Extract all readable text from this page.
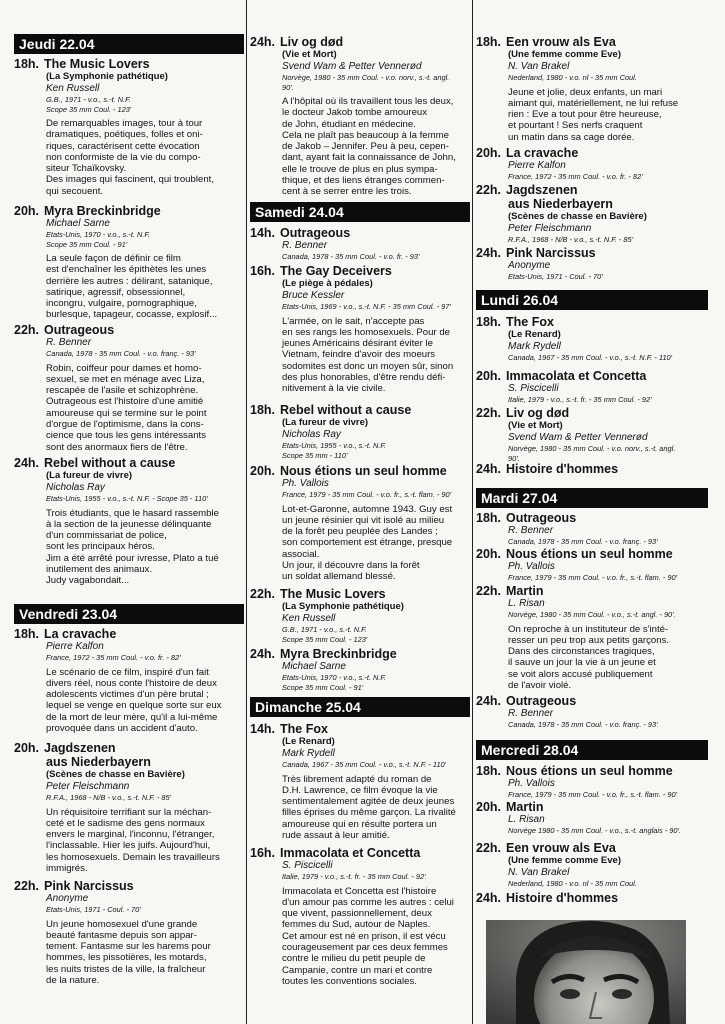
Jeudi 22.04
18h. The Music Lovers
(La Symphonie pathétique)
Ken Russell
G.B., 1971 - v.o., s.-t. N.F.
Scope 35 mm Coul. - 123'
De remarquables images, tour à tour
dramatiques, poétiques, folles et oni-
riques, caractérisent cette évocation
non conformiste de la vie du compo-
siteur Tchaïkovsky.
Des images qui fascinent, qui troublent,
qui secouent.
20h. Myra Breckinbridge
Michael Sarne
Etats-Unis, 1970 - v.o., s.-t. N.F.
Scope 35 mm Coul. - 91'
La seule façon de définir ce film
est d'enchaîner les épithètes les unes
derrière les autres : délirant, satanique,
satirique, agressif, obsessionnel,
incongru, vulgaire, pornographique,
burlesque, tapageur, cocasse, explosif...
22h. Outrageous
R. Benner
Canada, 1978 - 35 mm Coul. - v.o. franç. - 93'
Robin, coiffeur pour dames et homo-
sexuel, se met en ménage avec Liza,
rescapée de l'asile et schizophrène.
Outrageous est l'histoire d'une amitié
amoureuse qui se termine sur le point
d'orgue de l'optimisme, dans la cons-
cience que tous les gens intéressants
sont des anormaux fiers de l'être.
24h. Rebel without a cause
(La fureur de vivre)
Nicholas Ray
Etats-Unis, 1955 - v.o., s.-t. N.F. - Scope 35 - 110'
Trois étudiants, que le hasard rassemble
à la section de la jeunesse délinquante
d'un commissariat de police,
sont les principaux héros.
Jim a été arrêté pour ivresse, Plato a tué
inutilement des animaux.
Judy vagabondait...
Vendredi 23.04
18h. La cravache
Pierre Kalfon
France, 1972 - 35 mm Coul. - v.o. fr. - 82'
Le scénario de ce film, inspiré d'un fait
divers réel, nous conte l'histoire de deux
adolescents victimes d'un père brutal ;
lequel se venge en quelque sorte sur eux
de la mort de leur mère, qu'il a lui-même
provoquée dans un accident d'auto.
20h. Jagdszenen
aus Niederbayern
(Scènes de chasse en Bavière)
Peter Fleischmann
R.F.A., 1968 - N/B - v.o., s.-t. N.F. - 85'
Un réquisitoire terrifiant sur la méchan-
ceté et le sadisme des gens normaux
envers le marginal, l'inconnu, l'étranger,
l'inclassable. Hier les juifs. Aujourd'hui,
les homosexuels. Demain les travailleurs
immigrés.
22h. Pink Narcissus
Anonyme
Etats-Unis, 1971 - Coul. - 70'
Un jeune homosexuel d'une grande
beauté fantasme depuis son appar-
tement. Fantasme sur les harems pour
hommes, les pissotières, les motards,
les nuits tristes de la ville, la fraîcheur
de la nature.
24h. Liv og død
(Vie et Mort)
Svend Wam & Petter Vennerød
Norvège, 1980 - 35 mm Coul. - v.o. norv., s.-t. angl.
90'.
A l'hôpital où ils travaillent tous les deux,
le docteur Jakob tombe amoureux
de John, étudiant en médecine.
Cela ne plaît pas beaucoup à la femme
de Jakob – Jennifer. Peu à peu, cepen-
dant, ayant fait la connaissance de John,
elle le trouve de plus en plus sympa-
thique, et des liens étranges commen-
cent à se serrer entre les trois.
Samedi 24.04
14h. Outrageous
R. Benner
Canada, 1978 - 35 mm Coul. - v.o. fr. - 93'
16h. The Gay Deceivers
(Le piège à pédales)
Bruce Kessler
Etats-Unis, 1969 - v.o., s.-t. N.F. - 35 mm Coul. - 97'
L'armée, on le sait, n'accepte pas
en ses rangs les homosexuels. Pour de
jeunes Américains désirant éviter le
Vietnam, feindre d'avoir des moeurs
sodomites est donc un moyen sûr, sinon
des plus honorables, d'être rendu défi-
nitivement à la vie civile.
18h. Rebel without a cause
(La fureur de vivre)
Nicholas Ray
Etats-Unis, 1955 - v.o., s.-t. N.F.
Scope 35 mm - 110'
20h. Nous étions un seul homme
Ph. Vallois
France, 1979 - 35 mm Coul. - v.o. fr., s.-t. flam. - 90'
Lot-et-Garonne, automne 1943. Guy est
un jeune résinier qui vit isolé au milieu
de la forêt peu peuplée des Landes ;
son comportement est étrange, presque
associal.
Un jour, il découvre dans la forêt
un soldat allemand blessé.
22h. The Music Lovers
(La Symphonie pathétique)
Ken Russell
G.B., 1971 - v.o., s.-t. N.F.
Scope 35 mm Coul. - 123'
24h. Myra Breckinbridge
Michael Sarne
Etats-Unis, 1970 - v.o., s.-t. N.F.
Scope 35 mm Coul. - 91'
Dimanche 25.04
14h. The Fox
(Le Renard)
Mark Rydell
Canada, 1967 - 35 mm Coul. - v.o., s.-t. N.F. - 110'
Très librement adapté du roman de
D.H. Lawrence, ce film évoque la vie
sentimentalement agitée de deux jeunes
filles éprises du même garçon. La rivalité
amoureuse qui en résulte portera un
rude assaut à leur amitié.
16h. Immacolata et Concetta
S. Piscicelli
Italie, 1979 - v.o., s.-t. fr. - 35 mm Coul. - 92'
Immacolata et Concetta est l'histoire
d'un amour pas comme les autres : celui
que vivent, passionnellement, deux
femmes du Sud, autour de Naples.
Cet amour est né en prison, il est vécu
courageusement par ces deux femmes
contre le milieu du petit peuple de
Campanie, contre un mari et contre
toutes les conventions sociales.
18h. Een vrouw als Eva
(Une femme comme Eve)
N. Van Brakel
Nederland, 1980 - v.o. nl - 35 mm Coul.
Jeune et jolie, deux enfants, un mari
aimant qui, matériellement, ne lui refuse
rien : Eve a tout pour être heureuse,
et pourtant ! Ses nerfs craquent
un matin dans sa cage dorée.
20h. La cravache
Pierre Kalfon
France, 1972 - 35 mm Coul. - v.o. fr. - 82'
22h. Jagdszenen
aus Niederbayern
(Scènes de chasse en Bavière)
Peter Fleischmann
R.F.A., 1968 - N/B - v.o., s.-t. N.F. - 85'
24h. Pink Narcissus
Anonyme
Etats-Unis, 1971 - Coul. - 70'
Lundi 26.04
18h. The Fox
(Le Renard)
Mark Rydell
Canada, 1967 - 35 mm Coul. - v.o., s.-t. N.F. - 110'
20h. Immacolata et Concetta
S. Piscicelli
Italie, 1979 - v.o., s.-t. fr. - 35 mm Coul. - 92'
22h. Liv og død
(Vie et Mort)
Svend Wam & Petter Vennerød
Norvège, 1980 - 35 mm Coul. - v.o. norv., s.-t. angl.
90'.
24h. Histoire d'hommes
Mardi 27.04
18h. Outrageous
R. Benner
Canada, 1978 - 35 mm Coul. - v.o. franç. - 93'
20h. Nous étions un seul homme
Ph. Vallois
France, 1979 - 35 mm Coul. - v.o. fr., s.-t. flam. - 90'
22h. Martin
L. Risan
Norvège, 1980 - 35 mm Coul. - v.o., s.-t. angl. - 90'.
On reproche à un instituteur de s'inté-
resser un peu trop aux petits garçons.
Dans des circonstances tragiques,
il sauve un jour la vie à un jeune et
se voit alors accusé publiquement
de l'avoir violé.
24h. Outrageous
R. Benner
Canada, 1978 - 35 mm Coul. - v.o. franç. - 93'
Mercredi 28.04
18h. Nous étions un seul homme
Ph. Vallois
France, 1979 - 35 mm Coul. - v.o. fr., s.-t. flam. - 90'
20h. Martin
L. Risan
Norvège 1980 - 35 mm Coul. - v.o., s.-t. anglais - 90'.
22h. Een vrouw als Eva
(Une femme comme Eve)
N. Van Brakel
Nederland, 1980 - v.o. nl - 35 mm Coul.
24h. Histoire d'hommes
